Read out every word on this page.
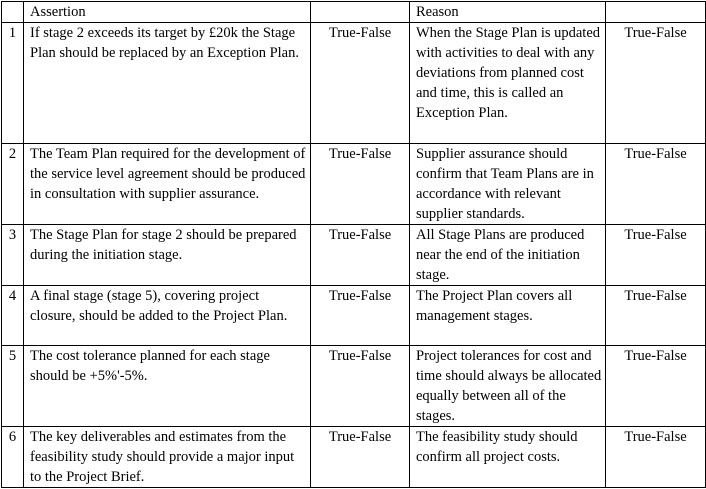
	Assertion		Reason	
1	If stage 2 exceeds its target by £20k the Stage Plan should be replaced by an Exception Plan.	True-False	When the Stage Plan is updated with activities to deal with any deviations from planned cost and time, this is called an Exception Plan.	True-False
2	The Team Plan required for the development of the service level agreement should be produced in consultation with supplier assurance.	True-False	Supplier assurance should confirm that Team Plans are in accordance with relevant supplier standards.	True-False
3	The Stage Plan for stage 2 should be prepared during the initiation stage.	True-False	All Stage Plans are produced near the end of the initiation stage.	True-False
4	A final stage (stage 5), covering project closure, should be added to the Project Plan.	True-False	The Project Plan covers all management stages.	True-False
5	The cost tolerance planned for each stage should be +5%'-5%.	True-False	Project tolerances for cost and time should always be allocated equally between all of the stages.	True-False
6	The key deliverables and estimates from the feasibility study should provide a major input to the Project Brief.	True-False	The feasibility study should confirm all project costs.	True-False
